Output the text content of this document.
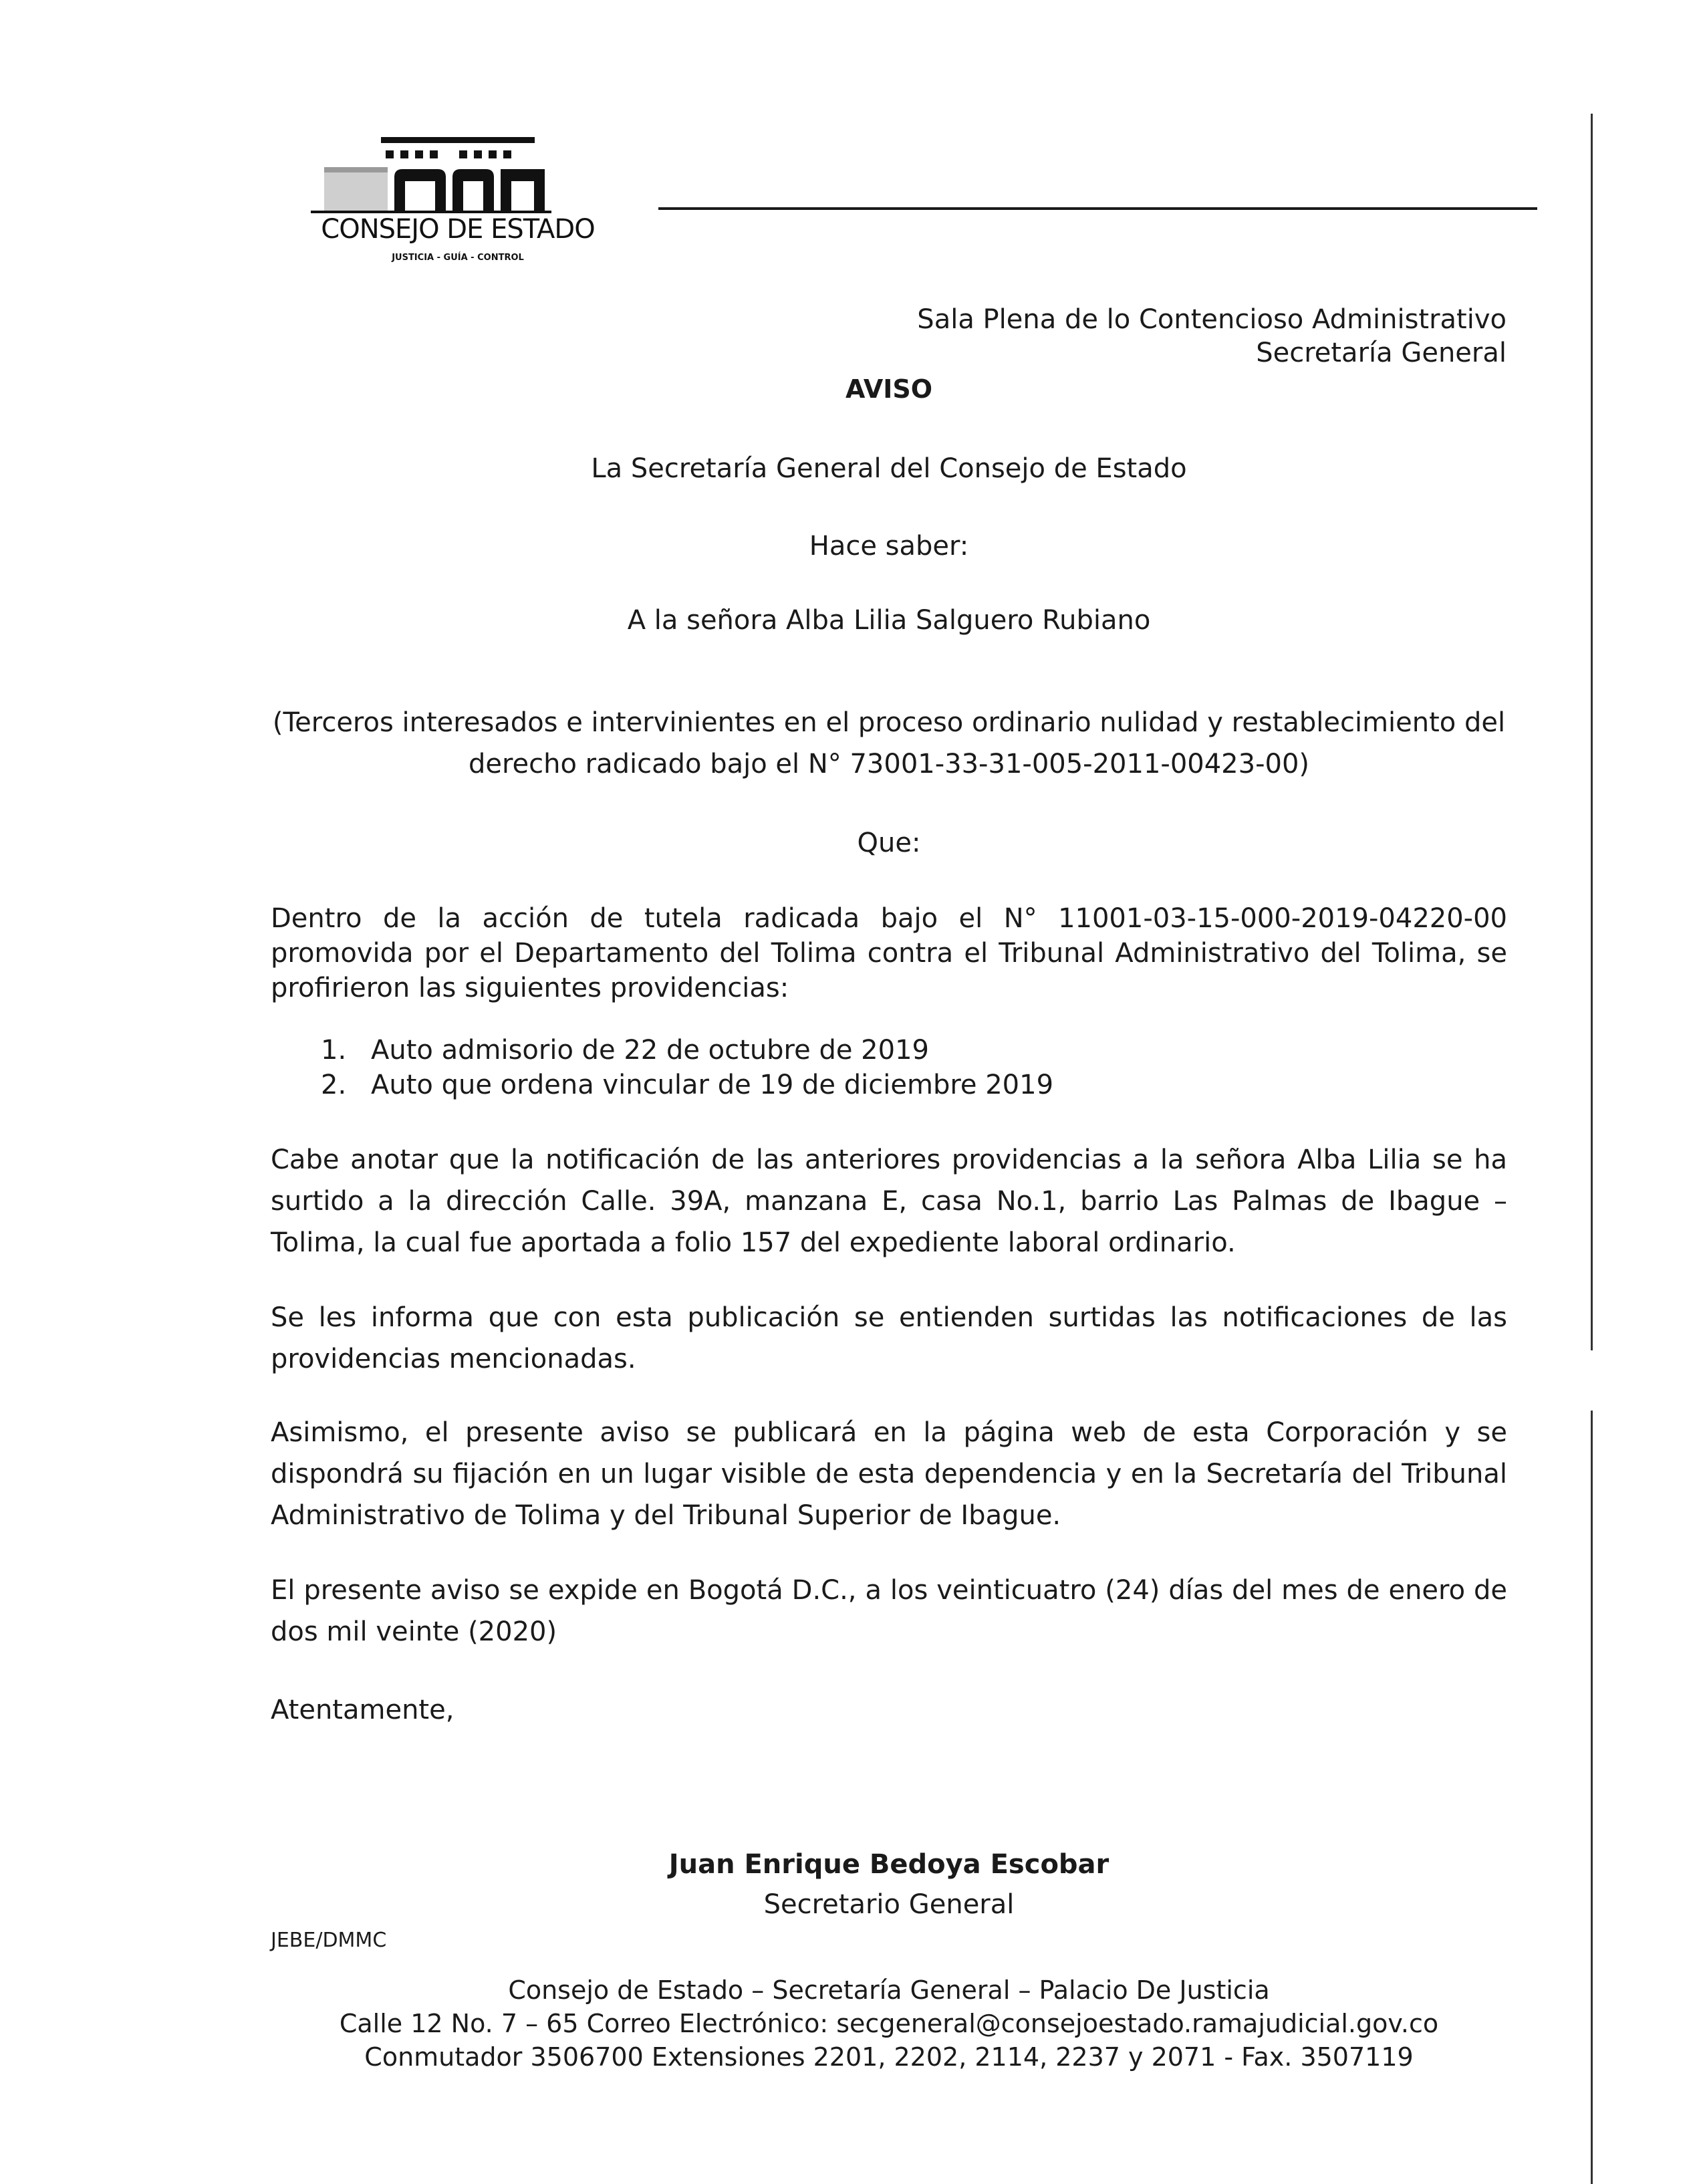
CONSEJO DE ESTADO
JUSTICIA - GUÍA - CONTROL
Sala Plena de lo Contencioso Administrativo
Secretaría General
AVISO
La Secretaría General del Consejo de Estado
Hace saber:
A la señora Alba Lilia Salguero Rubiano
(Terceros interesados e intervinientes en el proceso ordinario nulidad y restablecimiento del
derecho radicado bajo el N° 73001-33-31-005-2011-00423-00)
Que:
Dentro de la acción de tutela radicada bajo el N° 11001-03-15-000-2019-04220-00 promovida por el Departamento del Tolima contra el Tribunal Administrativo del Tolima, se profirieron las siguientes providencias:
1. Auto admisorio de 22 de octubre de 2019
2. Auto que ordena vincular de 19 de diciembre 2019
Cabe anotar que la notificación de las anteriores providencias a la señora Alba Lilia se ha surtido a la dirección Calle. 39A, manzana E, casa No.1, barrio Las Palmas de Ibague – Tolima, la cual fue aportada a folio 157 del expediente laboral ordinario.
Se les informa que con esta publicación se entienden surtidas las notificaciones de las providencias mencionadas.
Asimismo, el presente aviso se publicará en la página web de esta Corporación y se dispondrá su fijación en un lugar visible de esta dependencia y en la Secretaría del Tribunal Administrativo de Tolima y del Tribunal Superior de Ibague.
El presente aviso se expide en Bogotá D.C., a los veinticuatro (24) días del mes de enero de dos mil veinte (2020)
Atentamente,
Juan Enrique Bedoya Escobar
Secretario General
JEBE/DMMC
Consejo de Estado – Secretaría General – Palacio De Justicia
Calle 12 No. 7 – 65 Correo Electrónico: secgeneral@consejoestado.ramajudicial.gov.co
Conmutador 3506700 Extensiones 2201, 2202, 2114, 2237 y 2071 - Fax. 3507119
